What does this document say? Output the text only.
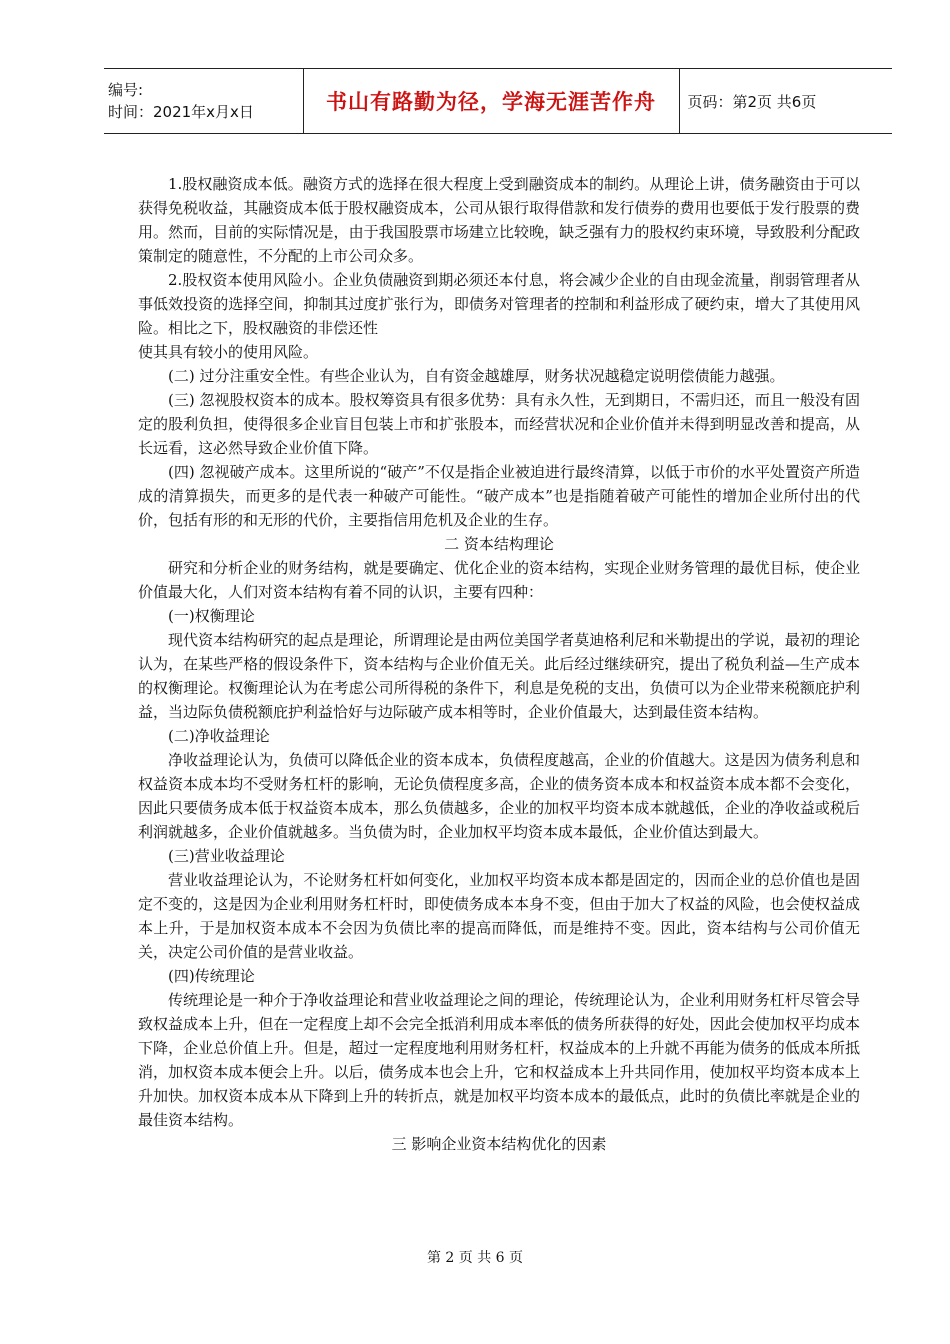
编号:
时间：2021年x月x日	书山有路勤为径，学海无涯苦作舟	页码：第2页 共6页

1.股权融资成本低。融资方式的选择在很大程度上受到融资成本的制约。从理论上讲，债务融资由于可以获得免税收益，其融资成本低于股权融资成本，公司从银行取得借款和发行债券的费用也要低于发行股票的费用。然而，目前的实际情况是，由于我国股票市场建立比较晚，缺乏强有力的股权约束环境，导致股利分配政策制定的随意性，不分配的上市公司众多。

2.股权资本使用风险小。企业负债融资到期必须还本付息，将会减少企业的自由现金流量，削弱管理者从事低效投资的选择空间，抑制其过度扩张行为，即债务对管理者的控制和利益形成了硬约束，增大了其使用风险。相比之下，股权融资的非偿还性

使其具有较小的使用风险。

(二) 过分注重安全性。有些企业认为，自有资金越雄厚，财务状况越稳定说明偿债能力越强。

(三) 忽视股权资本的成本。股权筹资具有很多优势：具有永久性，无到期日，不需归还，而且一般没有固定的股利负担，使得很多企业盲目包装上市和扩张股本，而经营状况和企业价值并未得到明显改善和提高，从长远看，这必然导致企业价值下降。

(四) 忽视破产成本。这里所说的“破产”不仅是指企业被迫进行最终清算，以低于市价的水平处置资产所造成的清算损失，而更多的是代表一种破产可能性。“破产成本”也是指随着破产可能性的增加企业所付出的代价，包括有形的和无形的代价，主要指信用危机及企业的生存。

二 资本结构理论

研究和分析企业的财务结构，就是要确定、优化企业的资本结构，实现企业财务管理的最优目标，使企业价值最大化，人们对资本结构有着不同的认识，主要有四种：

(一)权衡理论

现代资本结构研究的起点是理论，所谓理论是由两位美国学者莫迪格利尼和米勒提出的学说，最初的理论认为，在某些严格的假设条件下，资本结构与企业价值无关。此后经过继续研究，提出了税负利益—生产成本的权衡理论。权衡理论认为在考虑公司所得税的条件下，利息是免税的支出，负债可以为企业带来税额庇护利益，当边际负债税额庇护利益恰好与边际破产成本相等时，企业价值最大，达到最佳资本结构。

(二)净收益理论

净收益理论认为，负债可以降低企业的资本成本，负债程度越高，企业的价值越大。这是因为债务利息和权益资本成本均不受财务杠杆的影响，无论负债程度多高，企业的债务资本成本和权益资本成本都不会变化，因此只要债务成本低于权益资本成本，那么负债越多，企业的加权平均资本成本就越低，企业的净收益或税后利润就越多，企业价值就越多。当负债为时，企业加权平均资本成本最低，企业价值达到最大。

(三)营业收益理论

营业收益理论认为，不论财务杠杆如何变化，业加权平均资本成本都是固定的，因而企业的总价值也是固定不变的，这是因为企业利用财务杠杆时，即使债务成本本身不变，但由于加大了权益的风险，也会使权益成本上升，于是加权资本成本不会因为负债比率的提高而降低，而是维持不变。因此，资本结构与公司价值无关，决定公司价值的是营业收益。

(四)传统理论

传统理论是一种介于净收益理论和营业收益理论之间的理论，传统理论认为，企业利用财务杠杆尽管会导致权益成本上升，但在一定程度上却不会完全抵消利用成本率低的债务所获得的好处，因此会使加权平均成本下降，企业总价值上升。但是，超过一定程度地利用财务杠杆，权益成本的上升就不再能为债务的低成本所抵消，加权资本成本便会上升。以后，债务成本也会上升，它和权益成本上升共同作用，使加权平均资本成本上升加快。加权资本成本从下降到上升的转折点，就是加权平均资本成本的最低点，此时的负债比率就是企业的最佳资本结构。

三 影响企业资本结构优化的因素

第 2 页 共 6 页
